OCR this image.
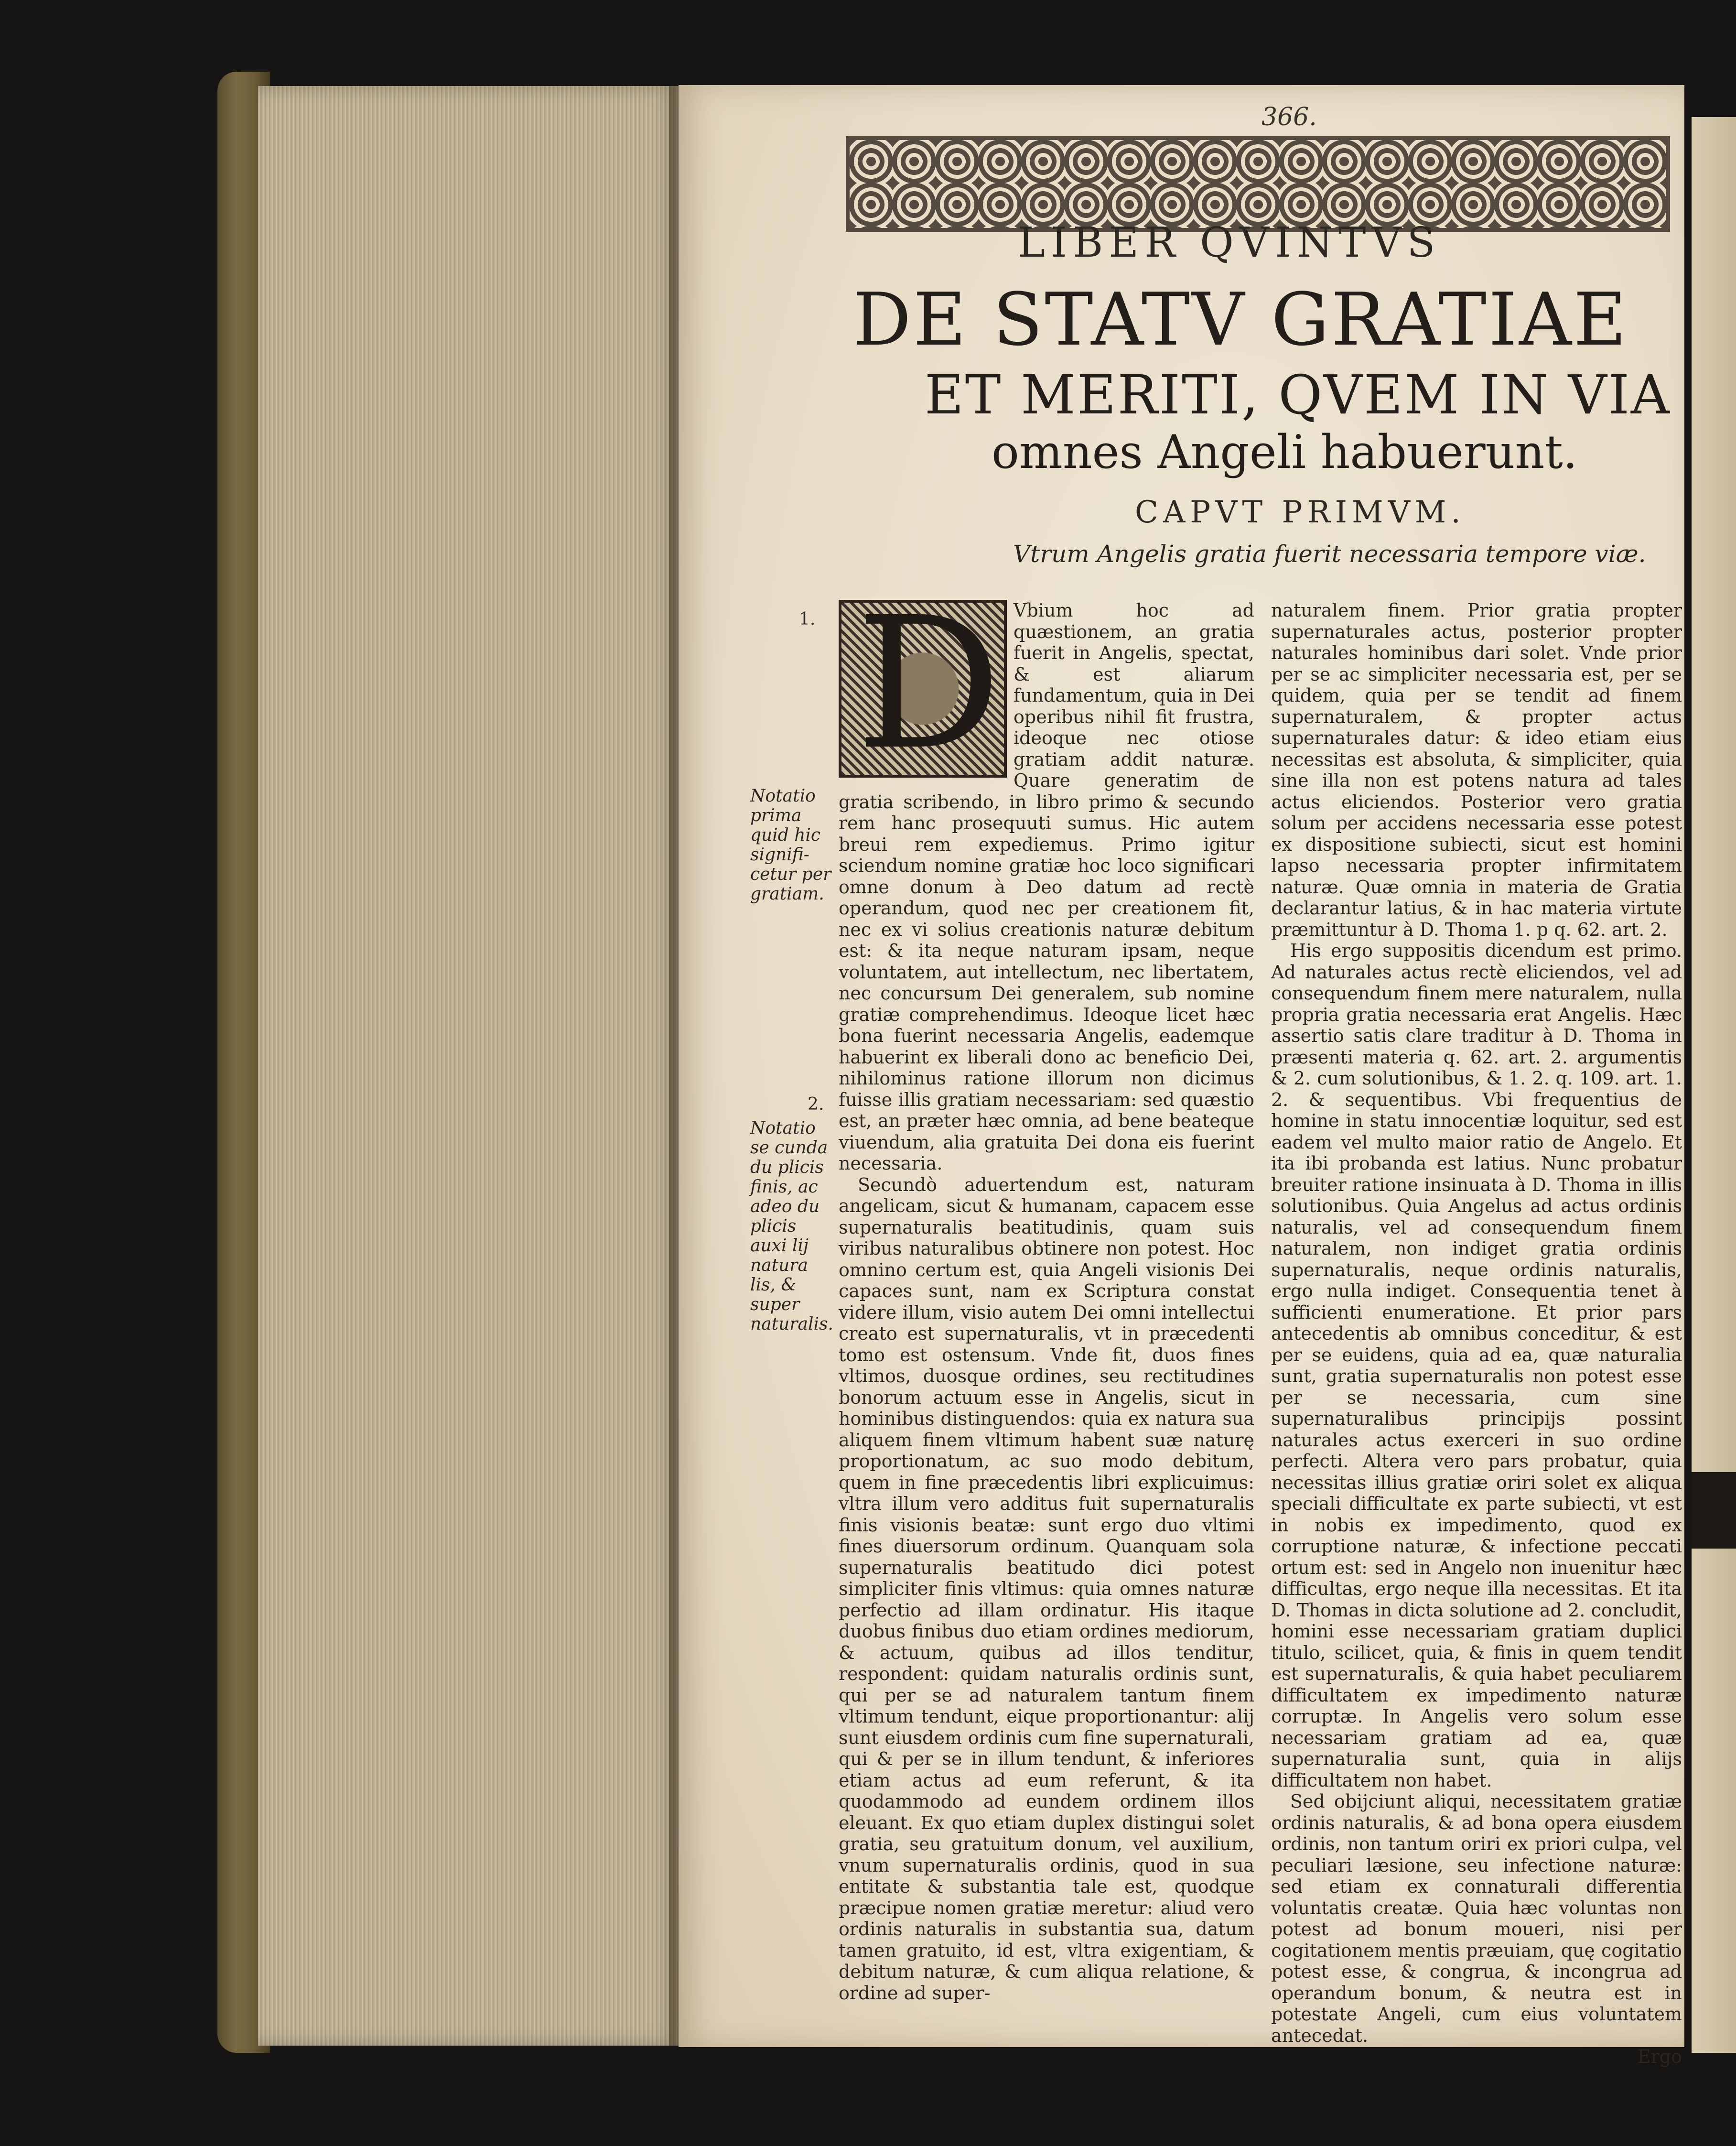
366.
LIBER QVINTVS
DE STATV GRATIAE
ET MERITI, QVEM IN VIA
omnes Angeli habuerunt.
CAPVT PRIMVM.
Vtrum Angelis gratia fuerit necessaria tempore viæ.
1.
Notatio prima quid hic signifi-cetur per gratiam.
2.
Notatio se cunda du plicis finis, ac adeo du plicis auxi lij natura lis, & super naturalis.
D Vbium hoc ad quæstionem, an gratia fuerit in Angelis, spectat, & est aliarum fundamentum, quia in Dei operibus nihil fit frustra, ideoque nec otiose gratiam addit naturæ. Quare generatim de gratia scribendo, in libro primo & secundo rem hanc prosequuti sumus. Hic autem breui rem expediemus. Primo igitur sciendum nomine gratiæ hoc loco significari omne donum à Deo datum ad rectè operandum, quod nec per creationem fit, nec ex vi solius creationis naturæ debitum est: & ita neque naturam ipsam, neque voluntatem, aut intellectum, nec libertatem, nec concursum Dei generalem, sub nomine gratiæ comprehendimus. Ideoque licet hæc bona fuerint necessaria Angelis, eademque habuerint ex liberali dono ac beneficio Dei, nihilominus ratione illorum non dicimus fuisse illis gratiam necessariam: sed quæstio est, an præter hæc omnia, ad bene beateque viuendum, alia gratuita Dei dona eis fuerint necessaria.

Secundò aduertendum est, naturam angelicam, sicut & humanam, capacem esse supernaturalis beatitudinis, quam suis viribus naturalibus obtinere non potest. Hoc omnino certum est, quia Angeli visionis Dei capaces sunt, nam ex Scriptura constat videre illum, visio autem Dei omni intellectui creato est supernaturalis, vt in præcedenti tomo est ostensum. Vnde fit, duos fines vltimos, duosque ordines, seu rectitudines bonorum actuum esse in Angelis, sicut in hominibus distinguendos: quia ex natura sua aliquem finem vltimum habent suæ naturę proportionatum, ac suo modo debitum, quem in fine præcedentis libri explicuimus: vltra illum vero additus fuit supernaturalis finis visionis beatæ: sunt ergo duo vltimi fines diuersorum ordinum. Quanquam sola supernaturalis beatitudo dici potest simpliciter finis vltimus: quia omnes naturæ perfectio ad illam ordinatur. His itaque duobus finibus duo etiam ordines mediorum, & actuum, quibus ad illos tenditur, respondent: quidam naturalis ordinis sunt, qui per se ad naturalem tantum finem vltimum tendunt, eique proportionantur: alij sunt eiusdem ordinis cum fine supernaturali, qui & per se in illum tendunt, & inferiores etiam actus ad eum referunt, & ita quodammodo ad eundem ordinem illos eleuant. Ex quo etiam duplex distingui solet gratia, seu gratuitum donum, vel auxilium, vnum supernaturalis ordinis, quod in sua entitate & substantia tale est, quodque præcipue nomen gratiæ meretur: aliud vero ordinis naturalis in substantia sua, datum tamen gratuito, id est, vltra exigentiam, & debitum naturæ, & cum aliqua relatione, & ordine ad super-

naturalem finem. Prior gratia propter supernaturales actus, posterior propter naturales hominibus dari solet. Vnde prior per se ac simpliciter necessaria est, per se quidem, quia per se tendit ad finem supernaturalem, & propter actus supernaturales datur: & ideo etiam eius necessitas est absoluta, & simpliciter, quia sine illa non est potens natura ad tales actus eliciendos. Posterior vero gratia solum per accidens necessaria esse potest ex dispositione subiecti, sicut est homini lapso necessaria propter infirmitatem naturæ. Quæ omnia in materia de Gratia declarantur latius, & in hac materia virtute præmittuntur à D. Thoma 1. p q. 62. art. 2.

His ergo suppositis dicendum est primo. Ad naturales actus rectè eliciendos, vel ad consequendum finem mere naturalem, nulla propria gratia necessaria erat Angelis. Hæc assertio satis clare traditur à D. Thoma in præsenti materia q. 62. art. 2. argumentis & 2. cum solutionibus, & 1. 2. q. 109. art. 1. 2. & sequentibus. Vbi frequentius de homine in statu innocentiæ loquitur, sed est eadem vel multo maior ratio de Angelo. Et ita ibi probanda est latius. Nunc probatur breuiter ratione insinuata à D. Thoma in illis solutionibus. Quia Angelus ad actus ordinis naturalis, vel ad consequendum finem naturalem, non indiget gratia ordinis supernaturalis, neque ordinis naturalis, ergo nulla indiget. Consequentia tenet à sufficienti enumeratione. Et prior pars antecedentis ab omnibus conceditur, & est per se euidens, quia ad ea, quæ naturalia sunt, gratia supernaturalis non potest esse per se necessaria, cum sine supernaturalibus principijs possint naturales actus exerceri in suo ordine perfecti. Altera vero pars probatur, quia necessitas illius gratiæ oriri solet ex aliqua speciali difficultate ex parte subiecti, vt est in nobis ex impedimento, quod ex corruptione naturæ, & infectione peccati ortum est: sed in Angelo non inuenitur hæc difficultas, ergo neque illa necessitas. Et ita D. Thomas in dicta solutione ad 2. concludit, homini esse necessariam gratiam duplici titulo, scilicet, quia, & finis in quem tendit est supernaturalis, & quia habet peculiarem difficultatem ex impedimento naturæ corruptæ. In Angelis vero solum esse necessariam gratiam ad ea, quæ supernaturalia sunt, quia in alijs difficultatem non habet.

Sed obijciunt aliqui, necessitatem gratiæ ordinis naturalis, & ad bona opera eiusdem ordinis, non tantum oriri ex priori culpa, vel peculiari læsione, seu infectione naturæ: sed etiam ex connaturali differentia voluntatis creatæ. Quia hæc voluntas non potest ad bonum moueri, nisi per cogitationem mentis præuiam, quę cogitatio potest esse, & congrua, & incongrua ad operandum bonum, & neutra est in potestate Angeli, cum eius voluntatem antecedat.

Ergo
